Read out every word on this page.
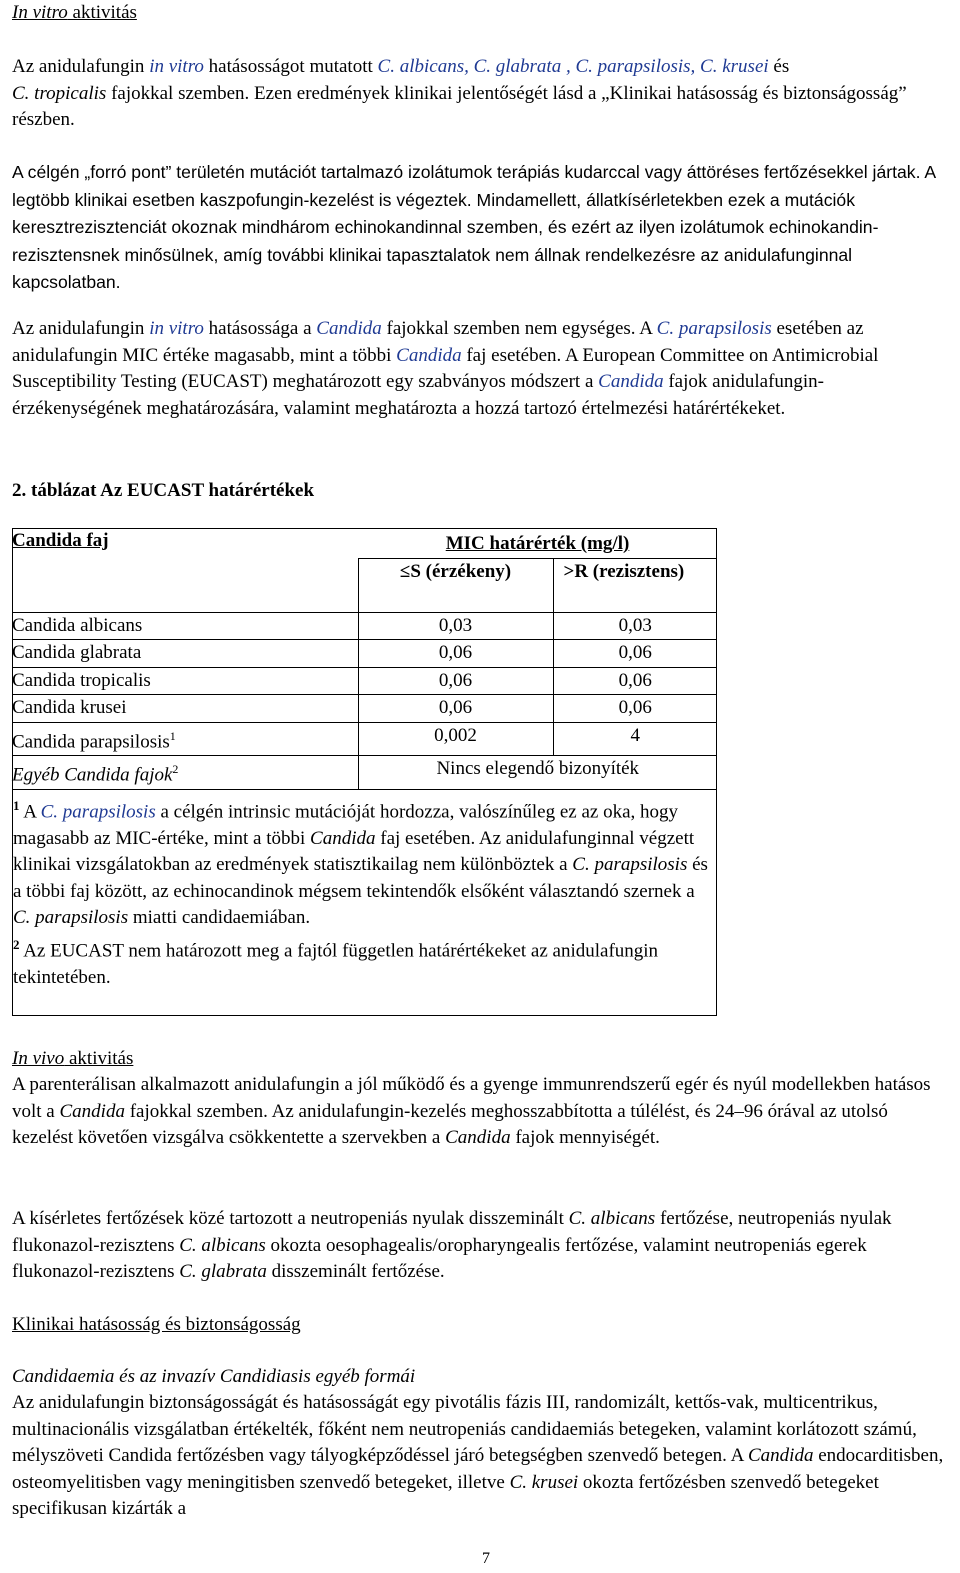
In vitro aktivitás

Az anidulafungin in vitro hatásosságot mutatott C. albicans, C. glabrata , C. parapsilosis, C. krusei és
C. tropicalis fajokkal szemben. Ezen eredmények klinikai jelentőségét lásd a „Klinikai hatásosság és biztonságosság” részben.

A célgén „forró pont” területén mutációt tartalmazó izolátumok terápiás kudarccal vagy áttöréses fertőzésekkel jártak. A legtöbb klinikai esetben kaszpofungin-kezelést is végeztek. Mindamellett, állatkísérletekben ezek a mutációk keresztrezisztenciát okoznak mindhárom echinokandinnal szemben, és ezért az ilyen izolátumok echinokandin-rezisztensnek minősülnek, amíg további klinikai tapasztalatok nem állnak rendelkezésre az anidulafunginnal kapcsolatban.

Az anidulafungin in vitro hatásossága a Candida fajokkal szemben nem egységes. A C. parapsilosis esetében az anidulafungin MIC értéke magasabb, mint a többi Candida faj esetében. A European Committee on Antimicrobial Susceptibility Testing (EUCAST) meghatározott egy szabványos módszert a Candida fajok anidulafungin-érzékenységének meghatározására, valamint meghatározta a hozzá tartozó értelmezési határértékeket.

2. táblázat Az EUCAST határértékek

Candida faj	MIC határérték (mg/l)	
	≤S (érzékeny)	>R (rezisztens)
Candida albicans	0,03	0,03
Candida glabrata	0,06	0,06
Candida tropicalis	0,06	0,06
Candida krusei	0,06	0,06
Candida parapsilosis$^1$	0,002	4
Egyéb Candida fajok$^2$	Nincs elegendő bizonyíték	

$^1$ A C. parapsilosis a célgén intrinsic mutációját hordozza, valószínűleg ez az oka, hogy magasabb az MIC-értéke, mint a többi Candida faj esetében. Az anidulafunginnal végzett klinikai vizsgálatokban az eredmények statisztikailag nem különböztek a C. parapsilosis és a többi faj között, az echinocandinok mégsem tekintendők elsőként választandó szernek a C. parapsilosis miatti candidaemiában.

$^2$ Az EUCAST nem határozott meg a fajtól független határértékeket az anidulafungin tekintetében.

In vivo aktivitás

A parenterálisan alkalmazott anidulafungin a jól működő és a gyenge immunrendszerű egér és nyúl modellekben hatásos volt a Candida fajokkal szemben. Az anidulafungin-kezelés meghosszabbította a túlélést, és 24–96 órával az utolsó kezelést követően vizsgálva csökkentette a szervekben a Candida fajok mennyiségét.

A kísérletes fertőzések közé tartozott a neutropeniás nyulak disszeminált C. albicans fertőzése, neutropeniás nyulak flukonazol-rezisztens C. albicans okozta oesophagealis/oropharyngealis fertőzése, valamint neutropeniás egerek flukonazol-rezisztens C. glabrata disszeminált fertőzése.

Klinikai hatásosság és biztonságosság

Candidaemia és az invazív Candidiasis egyéb formái

Az anidulafungin biztonságosságát és hatásosságát egy pivotális fázis III, randomizált, kettős-vak, multicentrikus, multinacionális vizsgálatban értékelték, főként nem neutropeniás candidaemiás betegeken, valamint korlátozott számú, mélyszöveti Candida fertőzésben vagy tályogképződéssel járó betegségben szenvedő betegen. A Candida endocarditisben, osteomyelitisben vagy meningitisben szenvedő betegeket, illetve C. krusei okozta fertőzésben szenvedő betegeket specifikusan kizárták a

7
